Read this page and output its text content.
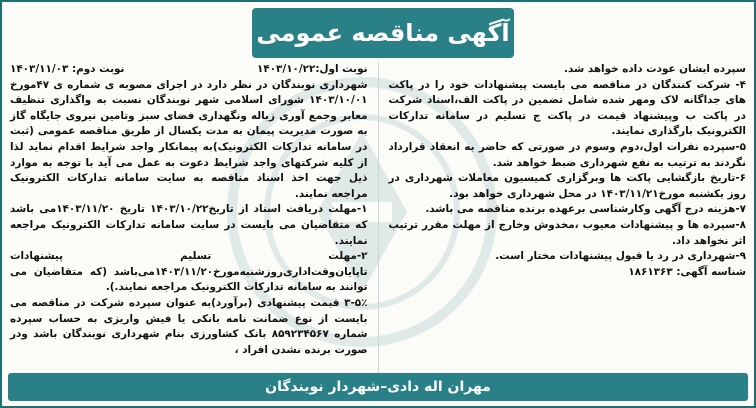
آگهی مناقصه عمومی
نوبت اول:۱۴۰۳/۱۰/۲۲
نوبت دوم: ۱۴۰۳/۱۱/۰۳

شهرداری نوبندگان در نظر دارد در اجرای مصوبه ی شماره ی ۴۷مورخ ۱۴۰۳/۱۰/۰۱ شورای اسلامی شهر نوبندگان نسبت به واگذاری تنظیف معابر وجمع آوری زباله ونگهداری فضای سبز وتامین نیروی جایگاه گاز به صورت مدیریت پیمان به مدت یکسال از طریق مناقصه عمومی (ثبت در سامانه تدارکات الکترونیک)به پیمانکار واجد شرایط اقدام نماید لذا از کلیه شرکتهای واجد شرایط دعوت به عمل می آید با توجه به موارد ذیل جهت اخذ اسناد مناقصه به سایت سامانه تدارکات الکترونیک مراجعه نمایند.

۱-مهلت دریافت اسناد از تاریخ۱۴۰۳/۱۰/۲۲ تاریخ ۱۴۰۳/۱۱/۲۰می باشد که متقاضیان می بایست در سایت سامانه تدارکات الکترونیک مراجعه نمایند.

۲-مهلت تسلیم پیشنهادات تاپایان‌وقت‌اداری‌روزشنبه‌مورخ۱۴۰۳/۱۱/۲۰می‌باشد (که متقاضیان می توانند به سامانه تدارکات الکترونیک مراجعه نمایند.).

۳-۵٪ قیمت پیشنهادی (برآورد)به عنوان سپرده شرکت در مناقصه می بایست از نوع ضمانت نامه بانکی یا فیش واریزی به حساب سپرده شماره ۸۵۹۲۳۴۵۶۷ بانک کشاورزی بنام شهرداری نوبندگان باشد ودر صورت برنده نشدن افراد ،

سپرده ایشان عودت داده خواهد شد.

۴- شرکت کنندگان در مناقصه می بایست پیشنهادات خود را در پاکت های جداگانه لاک ومهر شده شامل تضمین در پاکت الف،اسناد شرکت در پاکت ب وپیشنهاد قیمت در پاکت ج تسلیم در سامانه تدارکات الکترونیک بارگذاری نمایند.

۵-سپرده نفرات اول،دوم وسوم در صورتی که حاضر به انعقاد قرارداد نگردند به ترتیب به نفع شهرداری ضبط خواهد شد.

۶-تاریخ بازگشایی پاکت ها وبرگزاری کمیسیون معاملات شهرداری در روز یکشنبه مورخ۱۴۰۳/۱۱/۲۱ در محل شهرداری خواهد بود.

۷-هزینه درج آگهی وکارشناسی برعهده برنده مناقصه می باشد.

۸-سپرده ها و پیشنهادات معیوب ،مخدوش وخارج از مهلت مقرر ترتیب اثر نخواهد داد.

۹-شهرداری در رد یا قبول پیشنهادات مختار است.

شناسه آگهی: ۱۸۶۱۳۶۳

مهران اله دادی–شهردار نوبندگان
